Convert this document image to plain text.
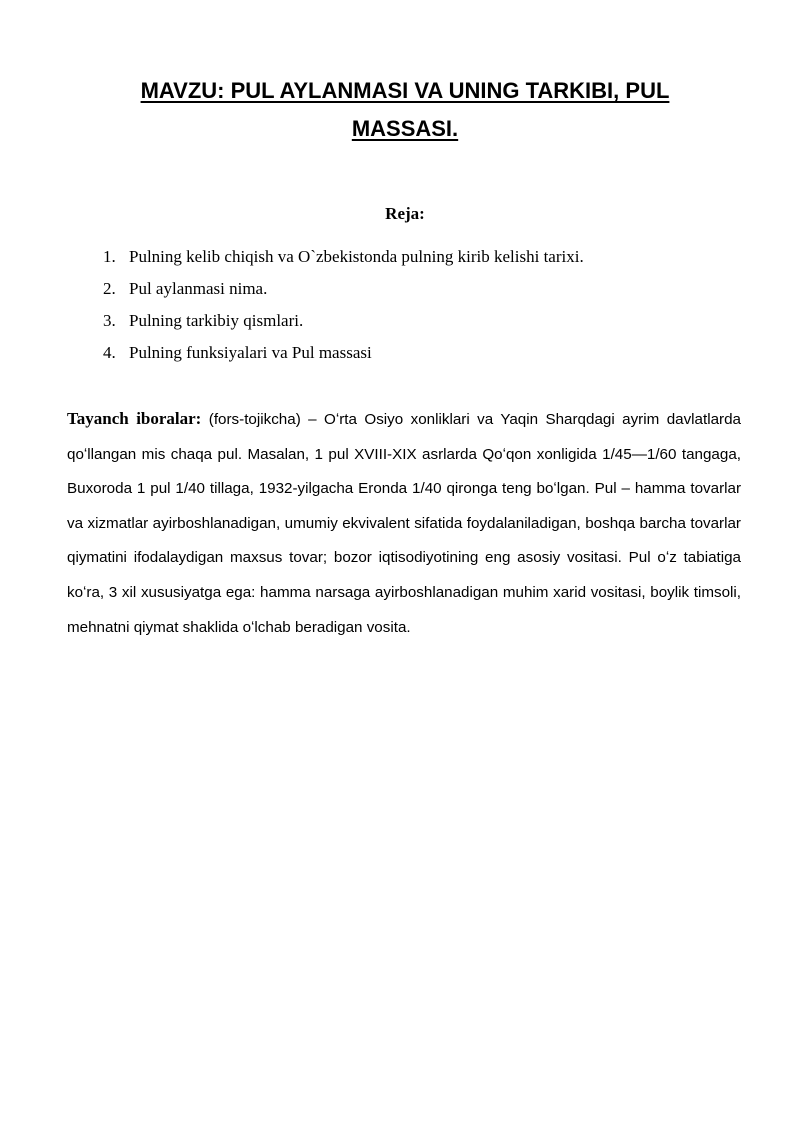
MAVZU: PUL AYLANMASI VA UNING TARKIBI, PUL
MASSASI.
Reja:
1. Pulning kelib chiqish va O`zbekistonda pulning kirib kelishi tarixi.
2. Pul aylanmasi nima.
3. Pulning tarkibiy qismlari.
4. Pulning funksiyalari va Pul massasi

Tayanch iboralar: (fors-tojikcha) – Oʻrta Osiyo xonliklari va Yaqin Sharqdagi ayrim davlatlarda qoʻllangan mis chaqa pul. Masalan, 1 pul XVIII-XIX asrlarda Qoʻqon xonligida 1/45—1/60 tangaga, Buxoroda 1 pul 1/40 tillaga, 1932-yilgacha Eronda 1/40 qironga teng boʻlgan. Pul – hamma tovarlar va xizmatlar ayirboshlanadigan, umumiy ekvivalent sifatida foydalaniladigan, boshqa barcha tovarlar qiymatini ifodalaydigan maxsus tovar; bozor iqtisodiyotining eng asosiy vositasi. Pul oʻz tabiatiga koʻra, 3 xil xususiyatga ega: hamma narsaga ayirboshlanadigan muhim xarid vositasi, boylik timsoli, mehnatni qiymat shaklida oʻlchab beradigan vosita.
